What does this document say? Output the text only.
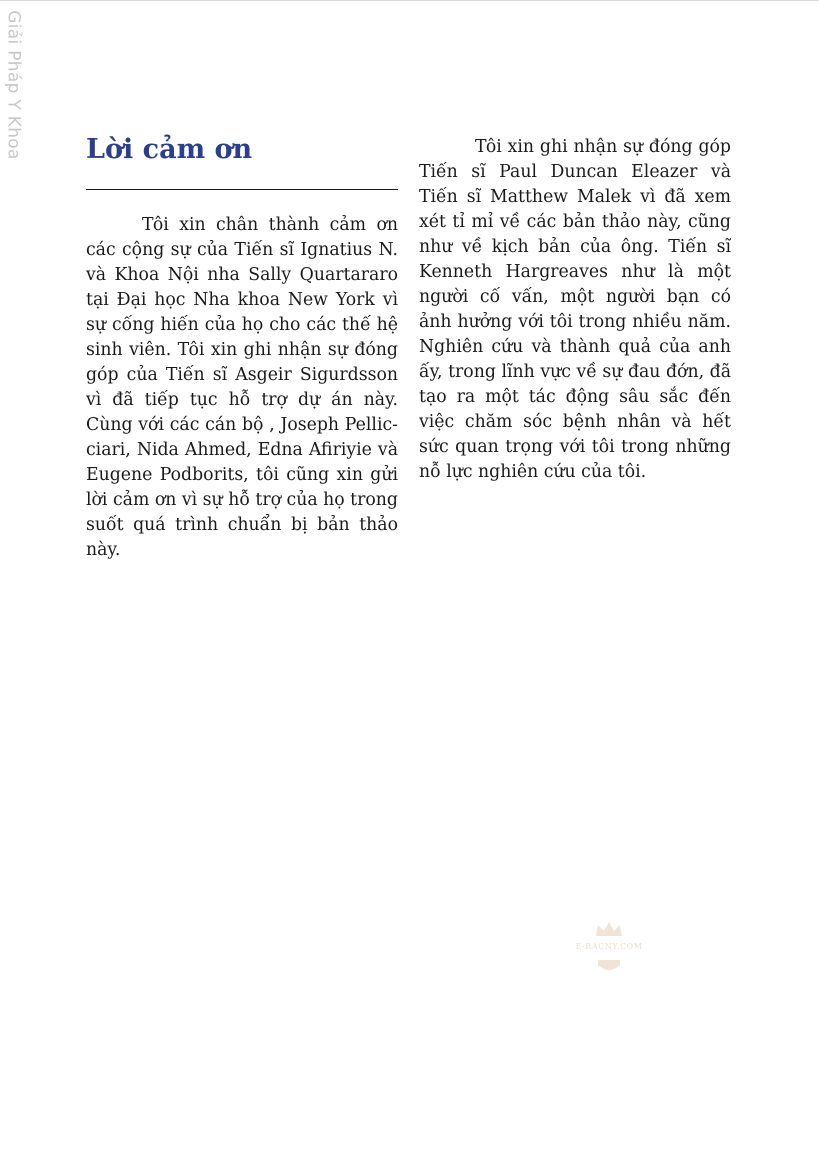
Giải Pháp Y Khoa Lời cảm ơn

Tôi xin chân thành cảm ơn các cộng sự của Tiến sĩ Ignatius N. và Khoa Nội nha Sally Quartararo tại Đại học Nha khoa New York vì sự cống hiến của họ cho các thế hệ sinh viên. Tôi xin ghi nhận sự đóng góp của Tiến sĩ Asgeir Sigurdsson vì đã tiếp tục hỗ trợ dự án này. Cùng với các cán bộ , Joseph Pellicciari, Nida Ahmed, Edna Afiriyie và Eugene Podborits, tôi cũng xin gửi lời cảm ơn vì sự hỗ trợ của họ trong suốt quá trình chuẩn bị bản thảo này.

Tôi xin ghi nhận sự đóng góp Tiến sĩ Paul Duncan Eleazer và Tiến sĩ Matthew Malek vì đã xem xét tỉ mỉ về các bản thảo này, cũng như về kịch bản của ông. Tiến sĩ Kenneth Hargreaves như là một người cố vấn, một người bạn có ảnh hưởng với tôi trong nhiều năm. Nghiên cứu và thành quả của anh ấy, trong lĩnh vực về sự đau đớn, đã tạo ra một tác động sâu sắc đến việc chăm sóc bệnh nhân và hết sức quan trọng với tôi trong những nỗ lực nghiên cứu của tôi.

E-RACNY.COM
